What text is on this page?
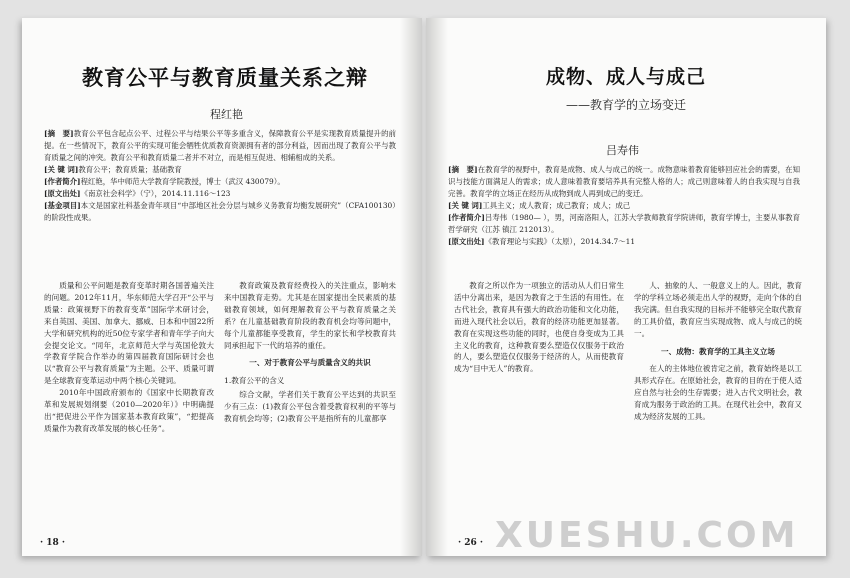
教育公平与教育质量关系之辩
程红艳

[摘　要]教育公平包含起点公平、过程公平与结果公平等多重含义，保障教育公平是实现教育质量提升的前提。在一些情况下，教育公平的实现可能会牺牲优质教育资源拥有者的部分利益，因而出现了教育公平与教育质量之间的冲突。教育公平和教育质量二者并不对立，而是相互促进、相辅相成的关系。

[关 键 词]教育公平；教育质量；基础教育

[作者简介]程红艳，华中师范大学教育学院教授，博士（武汉 430079）。

[原文出处]《南京社会科学》（宁），2014.11.116～123

[基金项目]本文是国家社科基金青年项目“中部地区社会分层与城乡义务教育均衡发展研究”（CFA100130）的阶段性成果。

质量和公平问题是教育变革时期各国普遍关注的问题。2012年11月，华东师范大学召开“公平与质量：政策视野下的教育变革”国际学术研讨会，来自英国、美国、加拿大、挪威、日本和中国22所大学和研究机构的近50位专家学者和青年学子向大会提交论文。“同年，北京师范大学与英国伦敦大学教育学院合作举办的第四届教育国际研讨会也以“教育公平与教育质量”为主题。公平、质量可谓是全球教育变革运动中两个核心关键词。

2010年中国政府颁布的《国家中长期教育改革和发展规划纲要（2010—2020年）》中明确提出“把促进公平作为国家基本教育政策”，“把提高质量作为教育改革发展的核心任务”。

教育政策及教育经费投入的关注重点，影响未来中国教育走势。尤其是在国家提出全民素质的基础教育领域，如何理解教育公平与教育质量之关系？在儿童基础教育阶段的教育机会均等问题中，每个儿童都能享受教育，学生的家长和学校教育共同承担起下一代的培养的重任。

一、对于教育公平与质量含义的共识

1.教育公平的含义

综合文献，学者们关于教育公平达到的共识至少有三点：(1)教育公平包含着受教育权利的平等与教育机会均等；(2)教育公平是指所有的儿童都享

· 18 ·
成物、成人与成己
——教育学的立场变迁
吕寿伟

[摘　要]在教育学的视野中，教育是成物、成人与成己的统一。成物意味着教育能够回应社会的需要，在知识与技能方面满足人的需求；成人意味着教育要培养具有完整人格的人；成己则意味着人的自我实现与自我完善。教育学的立场正在经历从成物到成人再到成己的变迁。

[关 键 词]工具主义；成人教育；成己教育；成人；成己

[作者简介]吕寿伟（1980— ），男，河南洛阳人，江苏大学教师教育学院讲师，教育学博士，主要从事教育哲学研究（江苏 镇江 212013）。

[原文出处]《教育理论与实践》（太原），2014.34.7～11

教育之所以作为一项独立的活动从人们日常生活中分离出来，是因为教育之于生活的有用性。在古代社会，教育具有强大的政治功能和文化功能，而进入现代社会以后，教育的经济功能更加显著。教育在实现这些功能的同时，也使自身变成为工具主义化的教育，这种教育要么塑造仅仅服务于政治的人，要么塑造仅仅服务于经济的人，从而使教育成为“目中无人”的教育。

人、抽象的人、一般意义上的人。因此，教育学的学科立场必须走出人学的视野，走向个体的自我完满。但自我实现的目标并不能够完全取代教育的工具价值，教育应当实现成物、成人与成己的统一。

一、成物：教育学的工具主义立场

在人的主体地位被肯定之前，教育始终是以工具形式存在。在原始社会，教育的目的在于使人适应自然与社会的生存需要；进入古代文明社会，教育成为服务于政治的工具。在现代社会中，教育又成为经济发展的工具。

· 26 · XUESHU.COM
